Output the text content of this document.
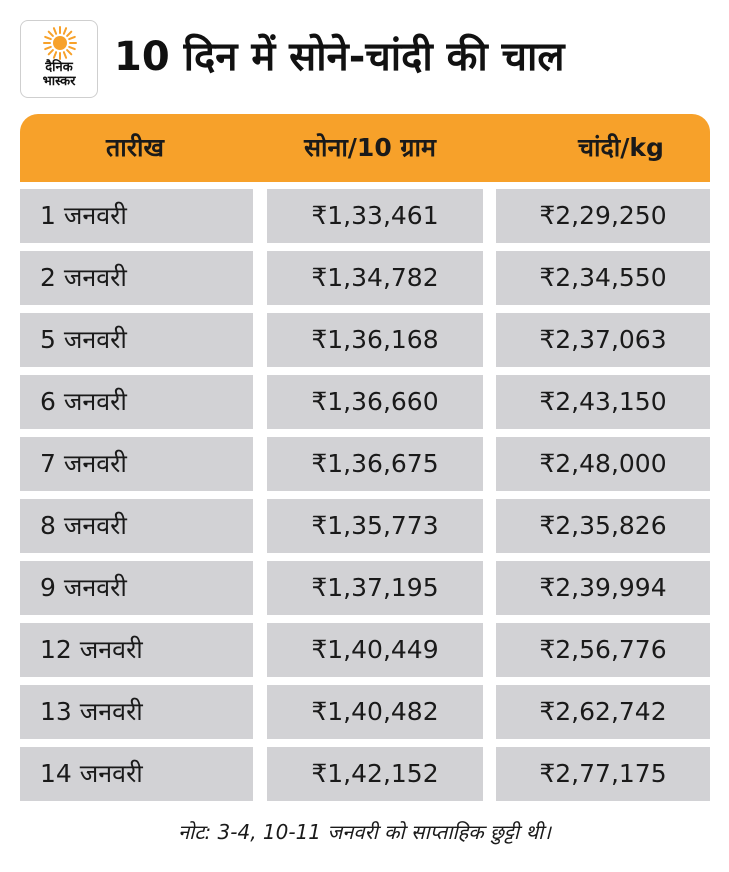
दैनिक
भास्कर
10 दिन में सोने-चांदी की चाल
तारीख	सोना/10 ग्राम	चांदी/kg
1 जनवरी	₹1,33,461	₹2,29,250
2 जनवरी	₹1,34,782	₹2,34,550
5 जनवरी	₹1,36,168	₹2,37,063
6 जनवरी	₹1,36,660	₹2,43,150
7 जनवरी	₹1,36,675	₹2,48,000
8 जनवरी	₹1,35,773	₹2,35,826
9 जनवरी	₹1,37,195	₹2,39,994
12 जनवरी	₹1,40,449	₹2,56,776
13 जनवरी	₹1,40,482	₹2,62,742
14 जनवरी	₹1,42,152	₹2,77,175

नोट: 3-4, 10-11 जनवरी को साप्ताहिक छुट्टी थी।
